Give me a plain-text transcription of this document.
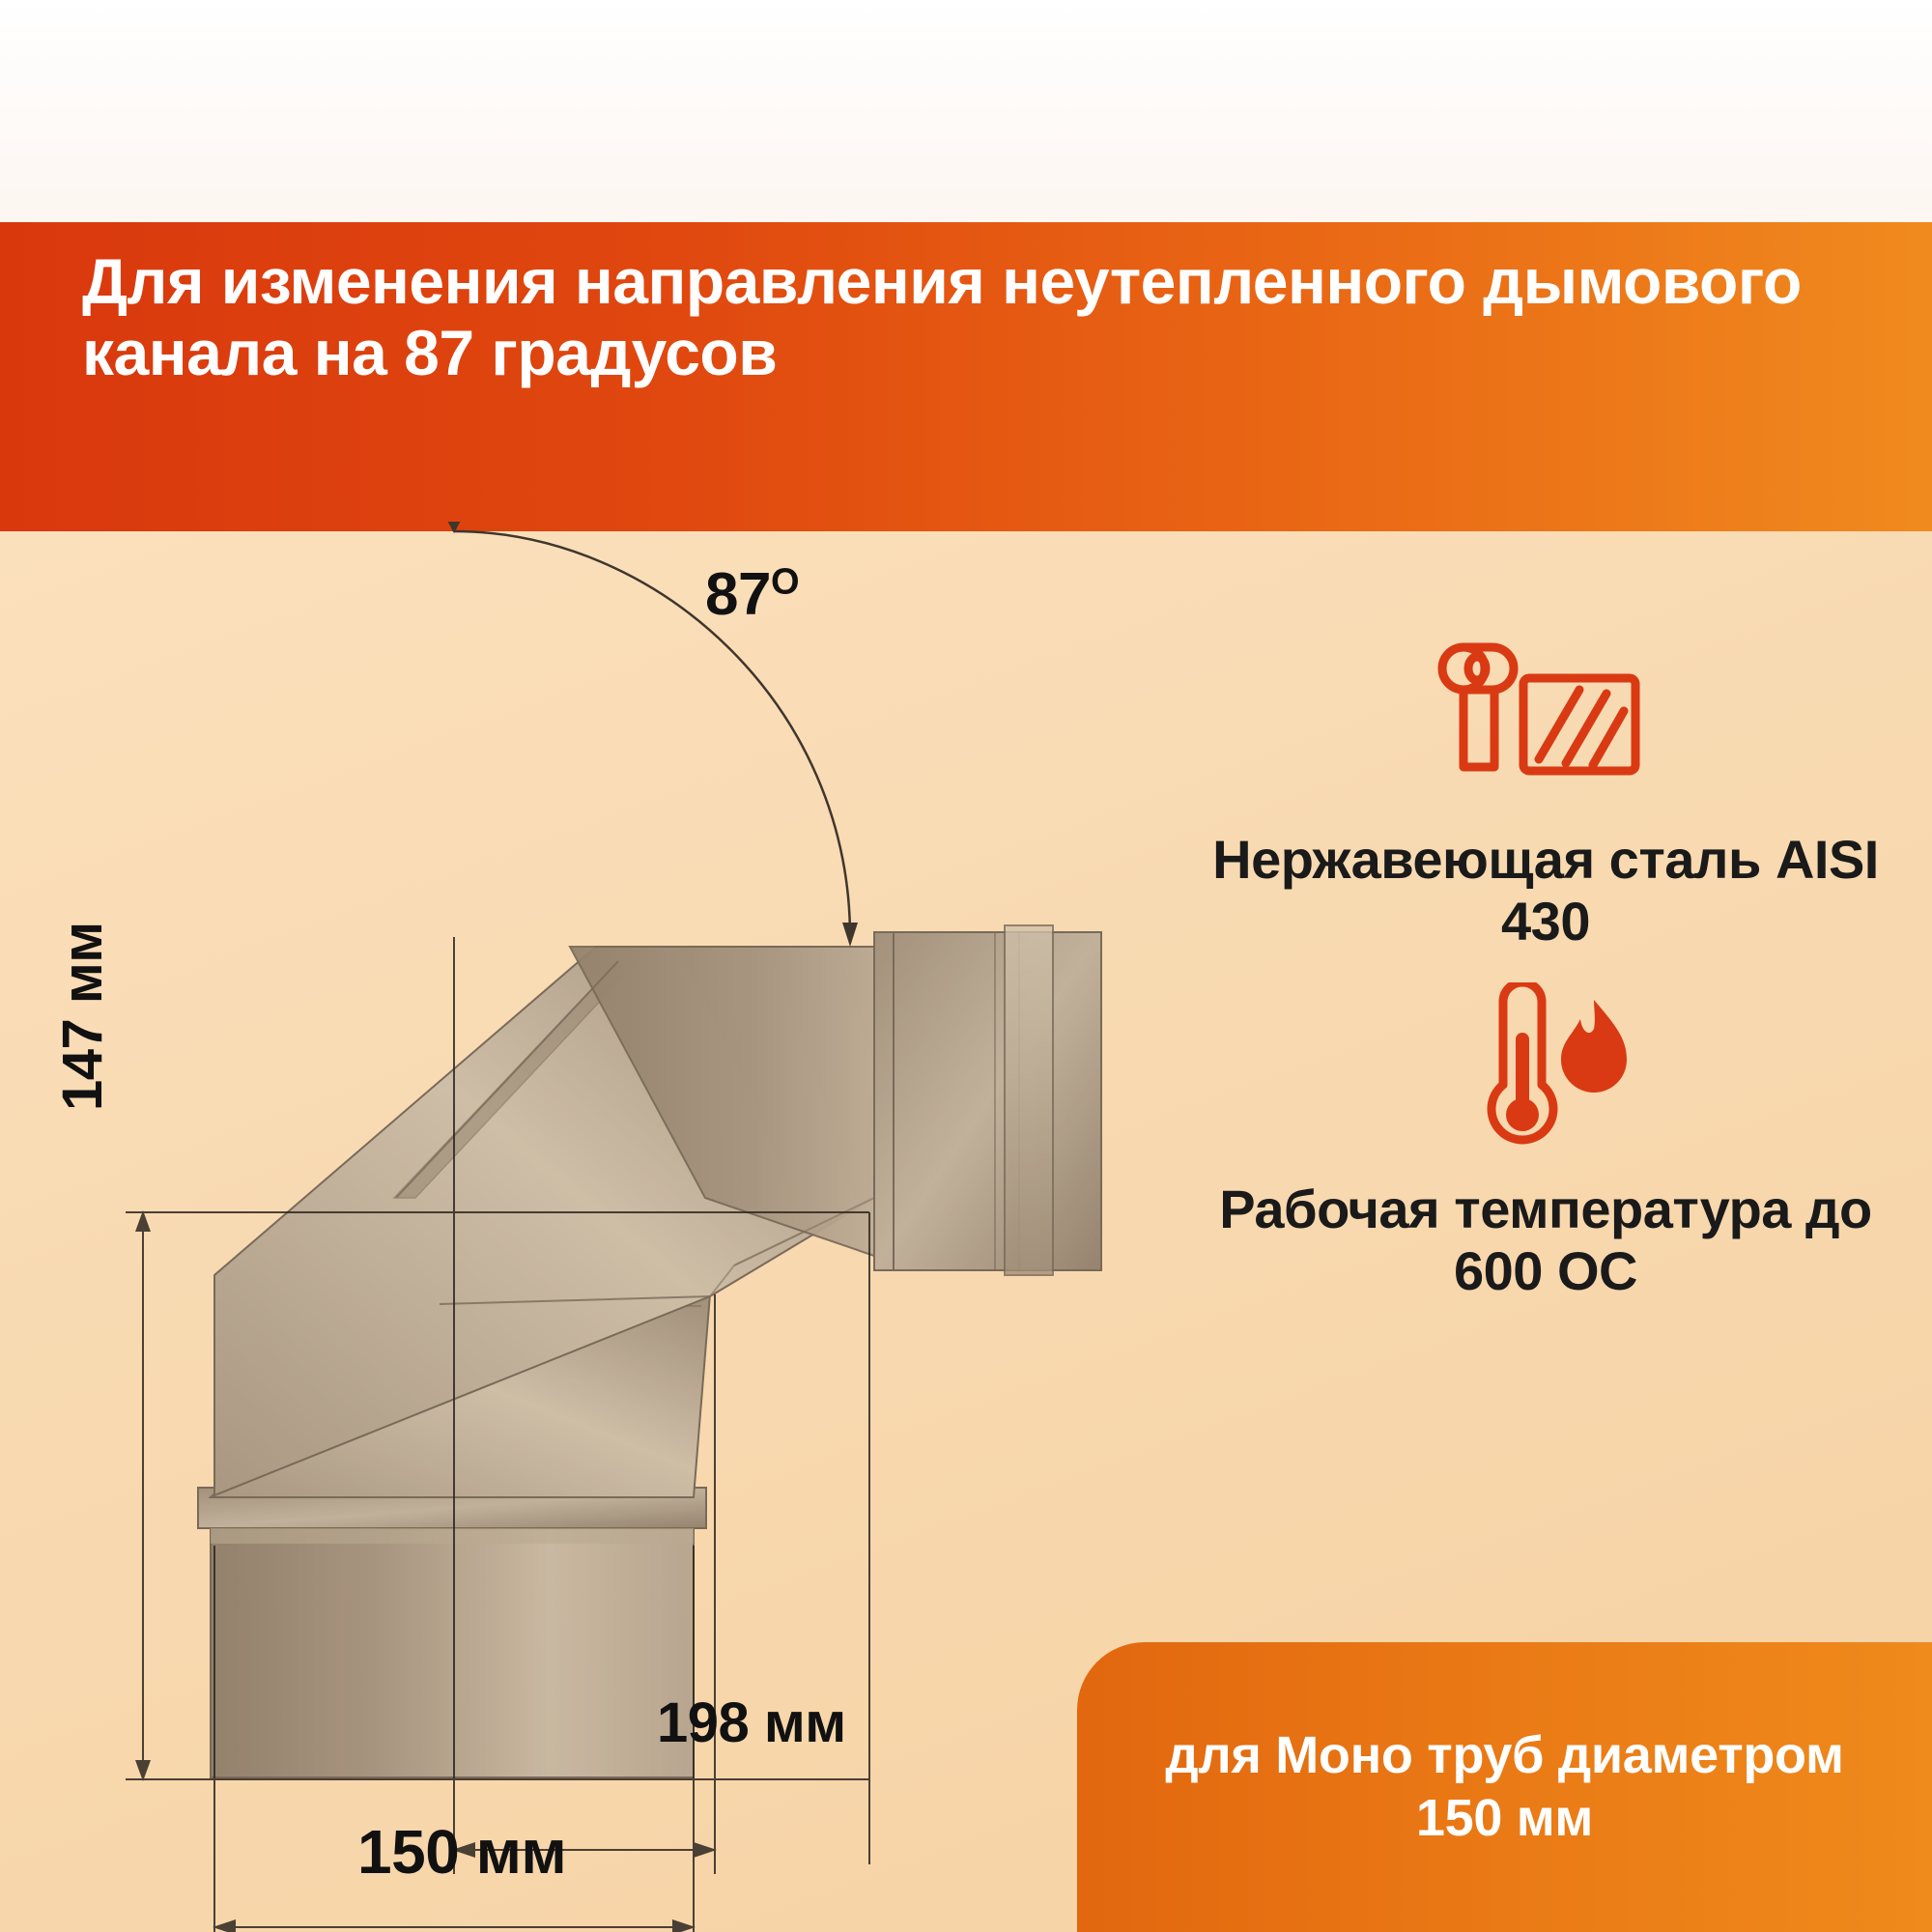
Для изменения направления неутепленного дымового канала на 87 градусов
$87^O$
147 мм
198 мм
150 мм
Нержавеющая сталь AISI 430
Рабочая температура до 600 ОС
для Моно труб диаметром 150 мм
